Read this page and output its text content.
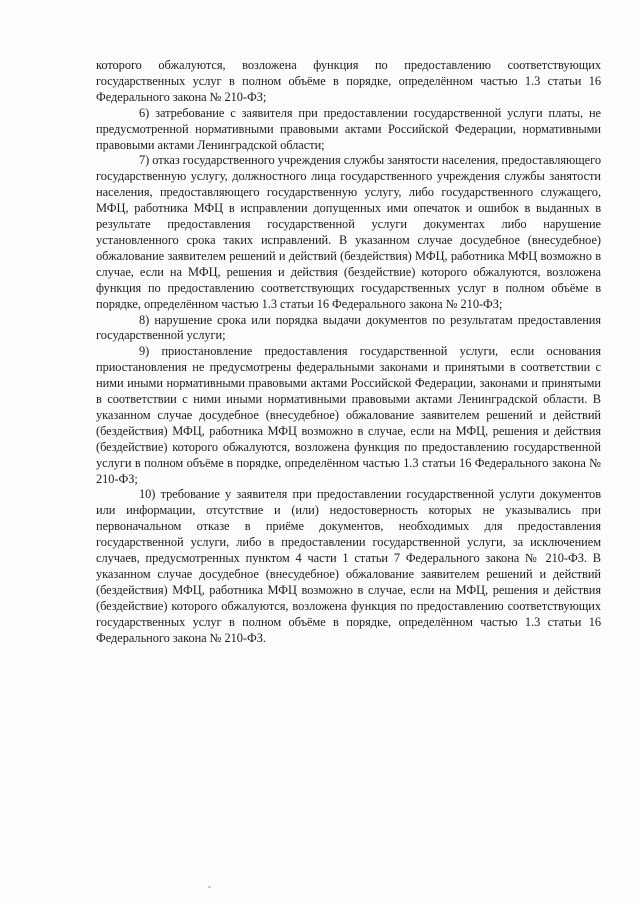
которого обжалуются, возложена функция по предоставлению соответствующих государственных услуг в полном объёме в порядке, определённом частью 1.3 статьи 16 Федерального закона № 210-ФЗ;

6) затребование с заявителя при предоставлении государственной услуги платы, не предусмотренной нормативными правовыми актами Российской Федерации, нормативными правовыми актами Ленинградской области;

7) отказ государственного учреждения службы занятости населения, предоставляющего государственную услугу, должностного лица государственного учреждения службы занятости населения, предоставляющего государственную услугу, либо государственного служащего, МФЦ, работника МФЦ в исправлении допущенных ими опечаток и ошибок в выданных в результате предоставления государственной услуги документах либо нарушение установленного срока таких исправлений. В указанном случае досудебное (внесудебное) обжалование заявителем решений и действий (бездействия) МФЦ, работника МФЦ возможно в случае, если на МФЦ, решения и действия (бездействие) которого обжалуются, возложена функция по предоставлению соответствующих государственных услуг в полном объёме в порядке, определённом частью 1.3 статьи 16 Федерального закона № 210-ФЗ;

8) нарушение срока или порядка выдачи документов по результатам предоставления государственной услуги;

9) приостановление предоставления государственной услуги, если основания приостановления не предусмотрены федеральными законами и принятыми в соответствии с ними иными нормативными правовыми актами Российской Федерации, законами и принятыми в соответствии с ними иными нормативными правовыми актами Ленинградской области. В указанном случае досудебное (внесудебное) обжалование заявителем решений и действий (бездействия) МФЦ, работника МФЦ возможно в случае, если на МФЦ, решения и действия (бездействие) которого обжалуются, возложена функция по предоставлению государственной услуги в полном объёме в порядке, определённом частью 1.3 статьи 16 Федерального закона № 210-ФЗ;

10) требование у заявителя при предоставлении государственной услуги документов или информации, отсутствие и (или) недостоверность которых не указывались при первоначальном отказе в приёме документов, необходимых для предоставления государственной услуги, либо в предоставлении государственной услуги, за исключением случаев, предусмотренных пунктом 4 части 1 статьи 7 Федерального закона № 210-ФЗ. В указанном случае досудебное (внесудебное) обжалование заявителем решений и действий (бездействия) МФЦ, работника МФЦ возможно в случае, если на МФЦ, решения и действия (бездействие) которого обжалуются, возложена функция по предоставлению соответствующих государственных услуг в полном объёме в порядке, определённом частью 1.3 статьи 16 Федерального закона № 210-ФЗ.
